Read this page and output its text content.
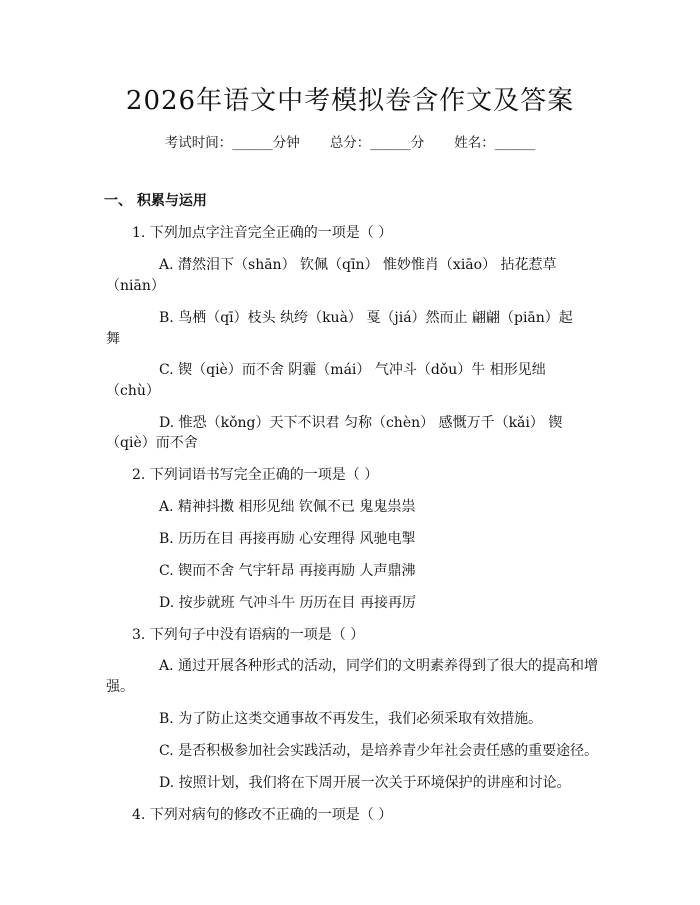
2026年语文中考模拟卷含作文及答案
考试时间：______分钟 总分：______分 姓名：______
一、 积累与运用
1. 下列加点字注音完全正确的一项是（ ）
A. 潸然泪下（shān） 钦佩（qīn） 惟妙惟肖（xiāo） 拈花惹草
（niān）
B. 鸟栖（qī）枝头 纨绔（kuà） 戛（jiá）然而止 翩翩（piān）起
舞
C. 锲（qiè）而不舍 阴霾（mái） 气冲斗（dǒu）牛 相形见绌
（chù）
D. 惟恐（kǒng）天下不识君 匀称（chèn） 感慨万千（kǎi） 锲
（qiè）而不舍
2. 下列词语书写完全正确的一项是（ ）
A. 精神抖擞 相形见绌 钦佩不已 鬼鬼祟祟
B. 历历在目 再接再励 心安理得 风驰电掣
C. 锲而不舍 气宇轩昂 再接再励 人声鼎沸
D. 按步就班 气冲斗牛 历历在目 再接再厉
3. 下列句子中没有语病的一项是（ ）
A. 通过开展各种形式的活动，同学们的文明素养得到了很大的提高和增
强。
B. 为了防止这类交通事故不再发生，我们必须采取有效措施。
C. 是否积极参加社会实践活动，是培养青少年社会责任感的重要途径。
D. 按照计划，我们将在下周开展一次关于环境保护的讲座和讨论。
4. 下列对病句的修改不正确的一项是（ ）
